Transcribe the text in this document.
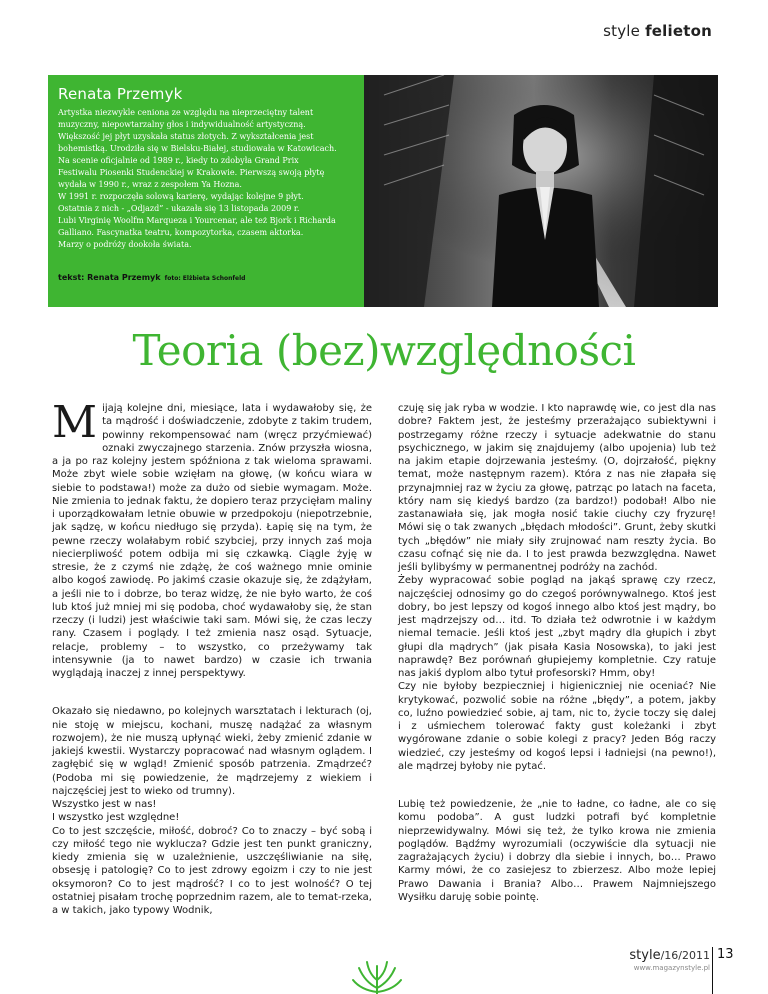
style felieton
Renata Przemyk
Artystka niezwykle ceniona ze względu na nieprzeciętny talent
muzyczny, niepowtarzalny głos i indywidualność artystyczną.
Większość jej płyt uzyskała status złotych. Z wykształcenia jest
bohemistką. Urodziła się w Bielsku-Białej, studiowała w Katowicach.
Na scenie oficjalnie od 1989 r., kiedy to zdobyła Grand Prix
Festiwalu Piosenki Studenckiej w Krakowie. Pierwszą swoją płytę
wydała w 1990 r., wraz z zespołem Ya Hozna.
W 1991 r. rozpoczęła solową karierę, wydając kolejne 9 płyt.
Ostatnia z nich - „Odjazd” - ukazała się 13 listopada 2009 r.
Lubi Virginię Woolfm Marqueza i Yourcenar, ale też Bjork i Richarda
Galliano. Fascynatka teatru, kompozytorka, czasem aktorka.
Marzy o podróży dookoła świata.
tekst: Renata Przemyk foto: Elżbieta Schonfeld
Teoria (bez)względności

Mijają kolejne dni, miesiące, lata i wydawałoby się, że ta mądrość i doświadczenie, zdobyte z takim trudem, powinny rekompensować nam (wręcz przyćmiewać) oznaki zwyczajnego starzenia. Znów przyszła wiosna, a ja po raz kolejny jestem spóźniona z tak wieloma sprawami. Może zbyt wiele sobie wzięłam na głowę, (w końcu wiara w siebie to podstawa!) może za dużo od siebie wymagam. Może. Nie zmienia to jednak faktu, że dopiero teraz przycięłam maliny i uporządkowałam letnie obuwie w przedpokoju (niepotrzebnie, jak sądzę, w końcu niedługo się przyda). Łapię się na tym, że pewne rzeczy wolałabym robić szybciej, przy innych zaś moja niecierpliwość potem odbija mi się czkawką. Ciągle żyję w stresie, że z czymś nie zdążę, że coś ważnego mnie ominie albo kogoś zawiodę. Po jakimś czasie okazuje się, że zdążyłam, a jeśli nie to i dobrze, bo teraz widzę, że nie było warto, że coś lub ktoś już mniej mi się podoba, choć wydawałoby się, że stan rzeczy (i ludzi) jest właściwie taki sam. Mówi się, że czas leczy rany. Czasem i poglądy. I też zmienia nasz osąd. Sytuacje, relacje, problemy – to wszystko, co przeżywamy tak intensywnie (ja to nawet bardzo) w czasie ich trwania wyglądają inaczej z innej perspektywy.

Okazało się niedawno, po kolejnych warsztatach i lekturach (oj, nie stoję w miejscu, kochani, muszę nadążać za własnym rozwojem), że nie muszą upłynąć wieki, żeby zmienić zdanie w jakiejś kwestii. Wystarczy popracować nad własnym oglądem. I zagłębić się w wgląd! Zmienić sposób patrzenia. Zmądrzeć? (Podoba mi się powiedzenie, że mądrzejemy z wiekiem i najczęściej jest to wieko od trumny).

Wszystko jest w nas!

I wszystko jest względne!

Co to jest szczęście, miłość, dobroć? Co to znaczy – być sobą i czy miłość tego nie wyklucza? Gdzie jest ten punkt graniczny, kiedy zmienia się w uzależnienie, uszczęśliwianie na siłę, obsesję i patologię? Co to jest zdrowy egoizm i czy to nie jest oksymoron? Co to jest mądrość? I co to jest wolność? O tej ostatniej pisałam trochę poprzednim razem, ale to temat-rzeka, a w takich, jako typowy Wodnik,

czuję się jak ryba w wodzie. I kto naprawdę wie, co jest dla nas dobre? Faktem jest, że jesteśmy przerażająco subiektywni i postrzegamy różne rzeczy i sytuacje adekwatnie do stanu psychicznego, w jakim się znajdujemy (albo upojenia) lub też na jakim etapie dojrzewania jesteśmy. (O, dojrzałość, piękny temat, może następnym razem). Która z nas nie złapała się przynajmniej raz w życiu za głowę, patrząc po latach na faceta, który nam się kiedyś bardzo (za bardzo!) podobał! Albo nie zastanawiała się, jak mogła nosić takie ciuchy czy fryzurę! Mówi się o tak zwanych „błędach młodości”. Grunt, żeby skutki tych „błędów” nie miały siły zrujnować nam reszty życia. Bo czasu cofnąć się nie da. I to jest prawda bezwzględna. Nawet jeśli bylibyśmy w permanentnej podróży na zachód.

Żeby wypracować sobie pogląd na jakąś sprawę czy rzecz, najczęściej odnosimy go do czegoś porównywalnego. Ktoś jest dobry, bo jest lepszy od kogoś innego albo ktoś jest mądry, bo jest mądrzejszy od… itd. To działa też odwrotnie i w każdym niemal temacie. Jeśli ktoś jest „zbyt mądry dla głupich i zbyt głupi dla mądrych” (jak pisała Kasia Nosowska), to jaki jest naprawdę? Bez porównań głupiejemy kompletnie. Czy ratuje nas jakiś dyplom albo tytuł profesorski? Hmm, oby!

Czy nie byłoby bezpieczniej i higieniczniej nie oceniać? Nie krytykować, pozwolić sobie na różne „błędy”, a potem, jakby co, luźno powiedzieć sobie, aj tam, nic to, życie toczy się dalej i z uśmiechem tolerować fakty gust koleżanki i zbyt wygórowane zdanie o sobie kolegi z pracy? Jeden Bóg raczy wiedzieć, czy jesteśmy od kogoś lepsi i ładniejsi (na pewno!), ale mądrzej byłoby nie pytać.

Lubię też powiedzenie, że „nie to ładne, co ładne, ale co się komu podoba”. A gust ludzki potrafi być kompletnie nieprzewidywalny. Mówi się też, że tylko krowa nie zmienia poglądów. Bądźmy wyrozumiali (oczywiście dla sytuacji nie zagrażających życiu) i dobrzy dla siebie i innych, bo… Prawo Karmy mówi, że co zasiejesz to zbierzesz. Albo może lepiej Prawo Dawania i Brania? Albo… Prawem Najmniejszego Wysiłku daruję sobie pointę.

style/16/2011
www.magazynstyle.pl
13
